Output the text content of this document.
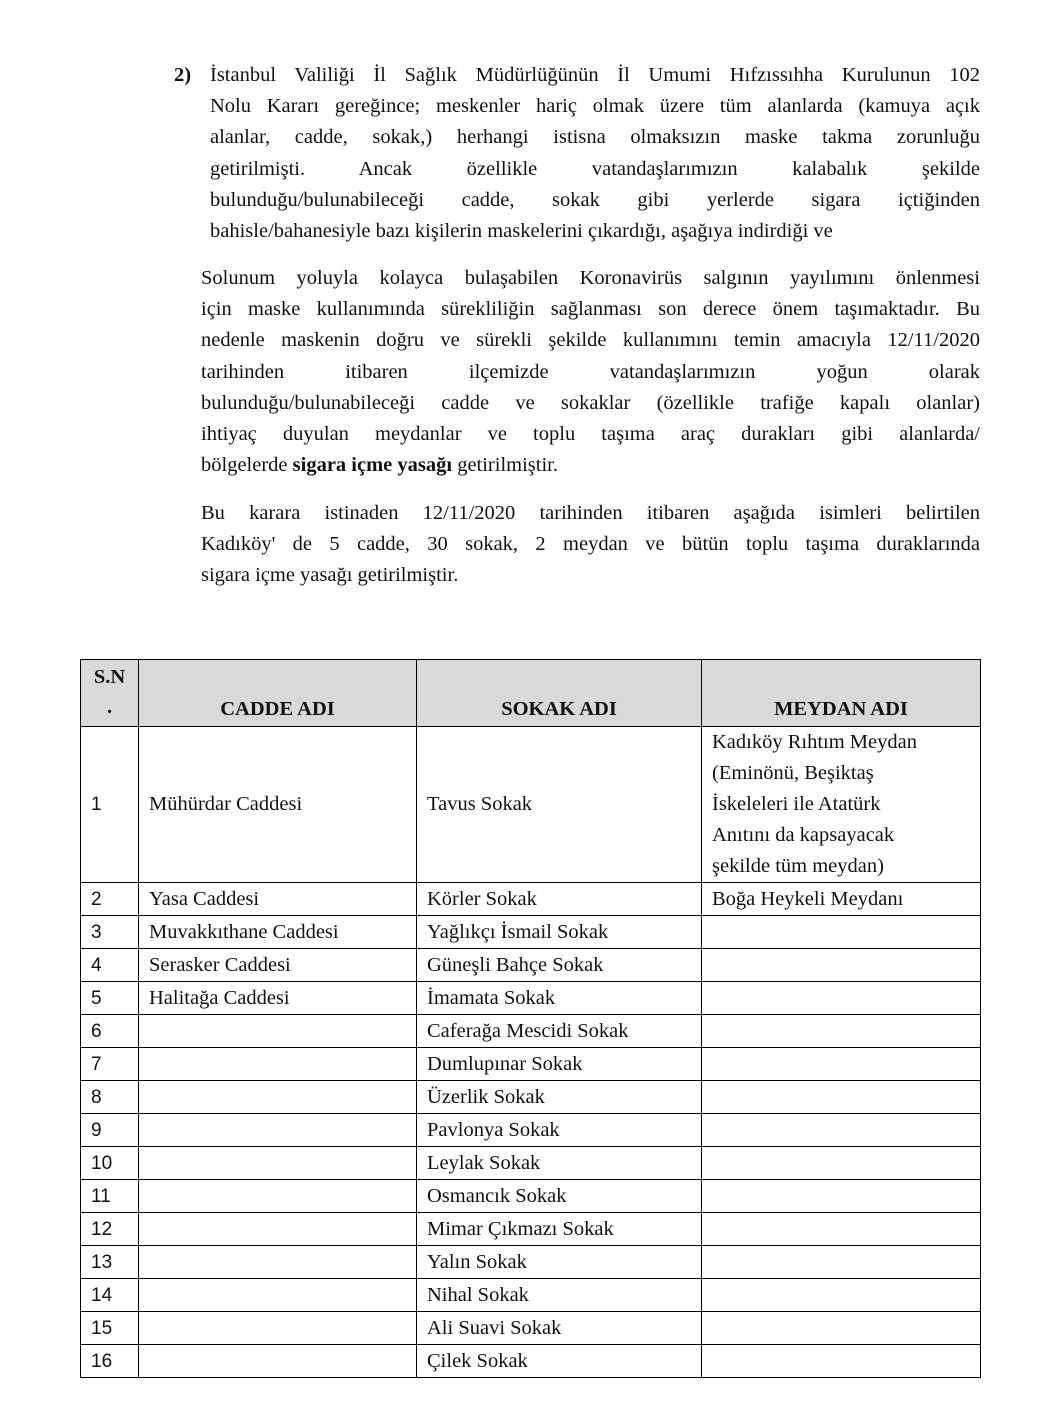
2) İstanbul Valiliği İl Sağlık Müdürlüğünün İl Umumi Hıfzıssıhha Kurulunun 102
Nolu Kararı gereğince; meskenler hariç olmak üzere tüm alanlarda (kamuya açık
alanlar, cadde, sokak,) herhangi istisna olmaksızın maske takma zorunluğu
getirilmişti. Ancak özellikle vatandaşlarımızın kalabalık şekilde
bulunduğu/bulunabileceği cadde, sokak gibi yerlerde sigara içtiğinden
bahisle/bahanesiyle bazı kişilerin maskelerini çıkardığı, aşağıya indirdiği ve
Solunum yoluyla kolayca bulaşabilen Koronavirüs salgının yayılımını önlenmesi
için maske kullanımında sürekliliğin sağlanması son derece önem taşımaktadır. Bu
nedenle maskenin doğru ve sürekli şekilde kullanımını temin amacıyla 12/11/2020
tarihinden itibaren ilçemizde vatandaşlarımızın yoğun olarak
bulunduğu/bulunabileceği cadde ve sokaklar (özellikle trafiğe kapalı olanlar)
ihtiyaç duyulan meydanlar ve toplu taşıma araç durakları gibi alanlarda/
bölgelerde sigara içme yasağı getirilmiştir.
Bu karara istinaden 12/11/2020 tarihinden itibaren aşağıda isimleri belirtilen
Kadıköy' de 5 cadde, 30 sokak, 2 meydan ve bütün toplu taşıma duraklarında
sigara içme yasağı getirilmiştir.
S.N
.	CADDE ADI	SOKAK ADI	MEYDAN ADI
1	Mühürdar Caddesi	Tavus Sokak	Kadıköy Rıhtım Meydan
(Eminönü, Beşiktaş
İskeleleri ile Atatürk
Anıtını da kapsayacak
şekilde tüm meydan)

2	Yasa Caddesi	Körler Sokak	Boğa Heykeli Meydanı
3	Muvakkıthane Caddesi	Yağlıkçı İsmail Sokak	
4	Serasker Caddesi	Güneşli Bahçe Sokak	
5	Halitağa Caddesi	İmamata Sokak	
6		Caferağa Mescidi Sokak	
7		Dumlupınar Sokak	
8		Üzerlik Sokak	
9		Pavlonya Sokak	
10		Leylak Sokak	
11		Osmancık Sokak	
12		Mimar Çıkmazı Sokak	
13		Yalın Sokak	
14		Nihal Sokak	
15		Ali Suavi Sokak	
16		Çilek Sokak	
